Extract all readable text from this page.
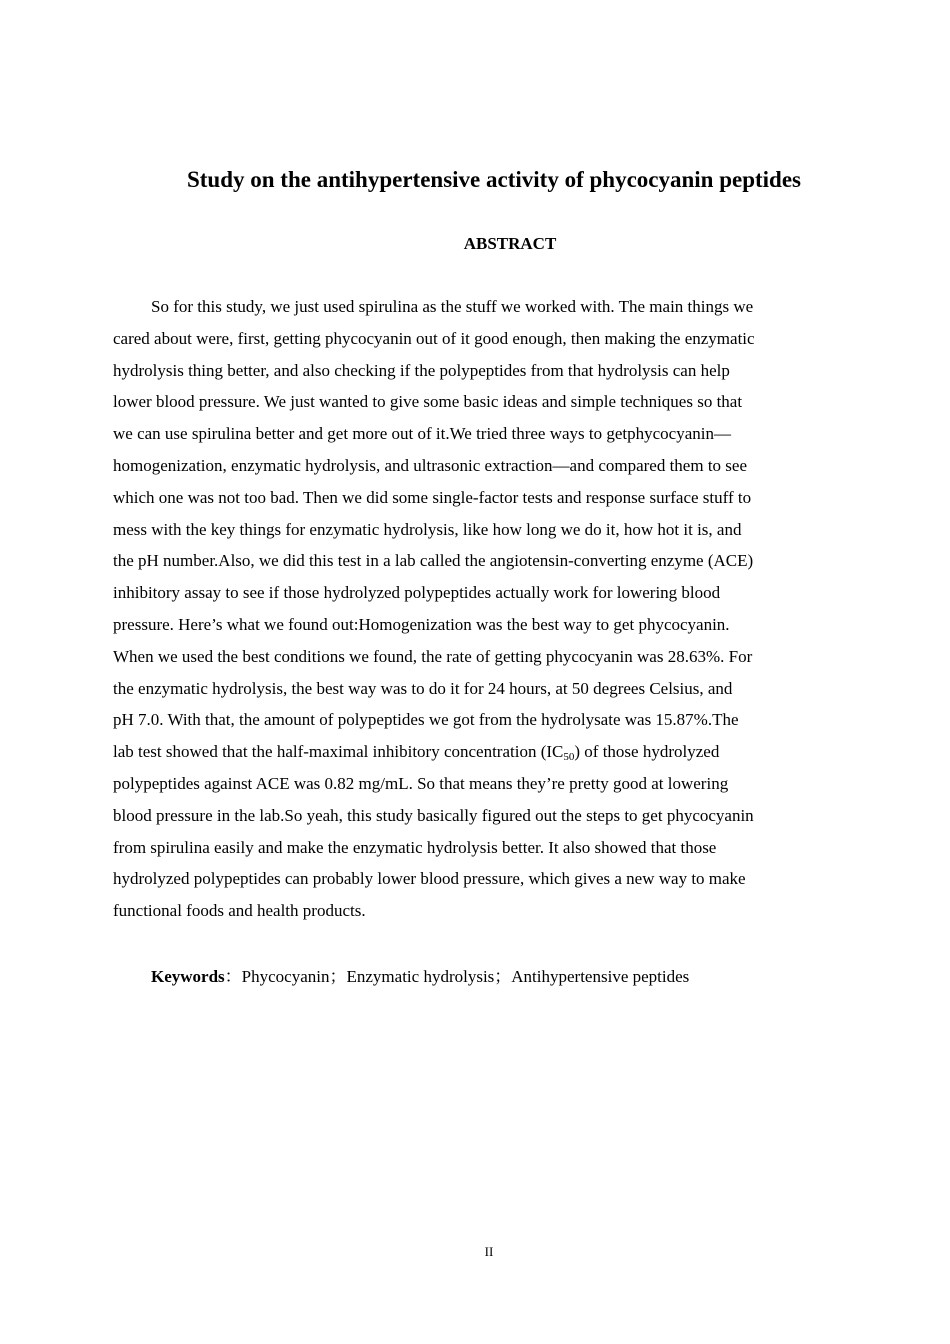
Study on the antihypertensive activity of phycocyanin peptides
ABSTRACT

So for this study, we just used spirulina as the stuff we worked with. The main things we
cared about were, first, getting phycocyanin out of it good enough, then making the enzymatic
hydrolysis thing better, and also checking if the polypeptides from that hydrolysis can help
lower blood pressure. We just wanted to give some basic ideas and simple techniques so that
we can use spirulina better and get more out of it.We tried three ways to getphycocyanin—
homogenization, enzymatic hydrolysis, and ultrasonic extraction—and compared them to see
which one was not too bad. Then we did some single-factor tests and response surface stuff to
mess with the key things for enzymatic hydrolysis, like how long we do it, how hot it is, and
the pH number.Also, we did this test in a lab called the angiotensin-converting enzyme (ACE)
inhibitory assay to see if those hydrolyzed polypeptides actually work for lowering blood
pressure. Here’s what we found out:Homogenization was the best way to get phycocyanin.
When we used the best conditions we found, the rate of getting phycocyanin was 28.63%. For
the enzymatic hydrolysis, the best way was to do it for 24 hours, at 50 degrees Celsius, and
pH 7.0. With that, the amount of polypeptides we got from the hydrolysate was 15.87%.The
lab test showed that the half-maximal inhibitory concentration $(IC_{50})$ of those hydrolyzed
polypeptides against ACE was 0.82 mg/mL. So that means they’re pretty good at lowering
blood pressure in the lab.So yeah, this study basically figured out the steps to get phycocyanin
from spirulina easily and make the enzymatic hydrolysis better. It also showed that those
hydrolyzed polypeptides can probably lower blood pressure, which gives a new way to make
functional foods and health products.

Keywords：Phycocyanin；Enzymatic hydrolysis；Antihypertensive peptides

II
